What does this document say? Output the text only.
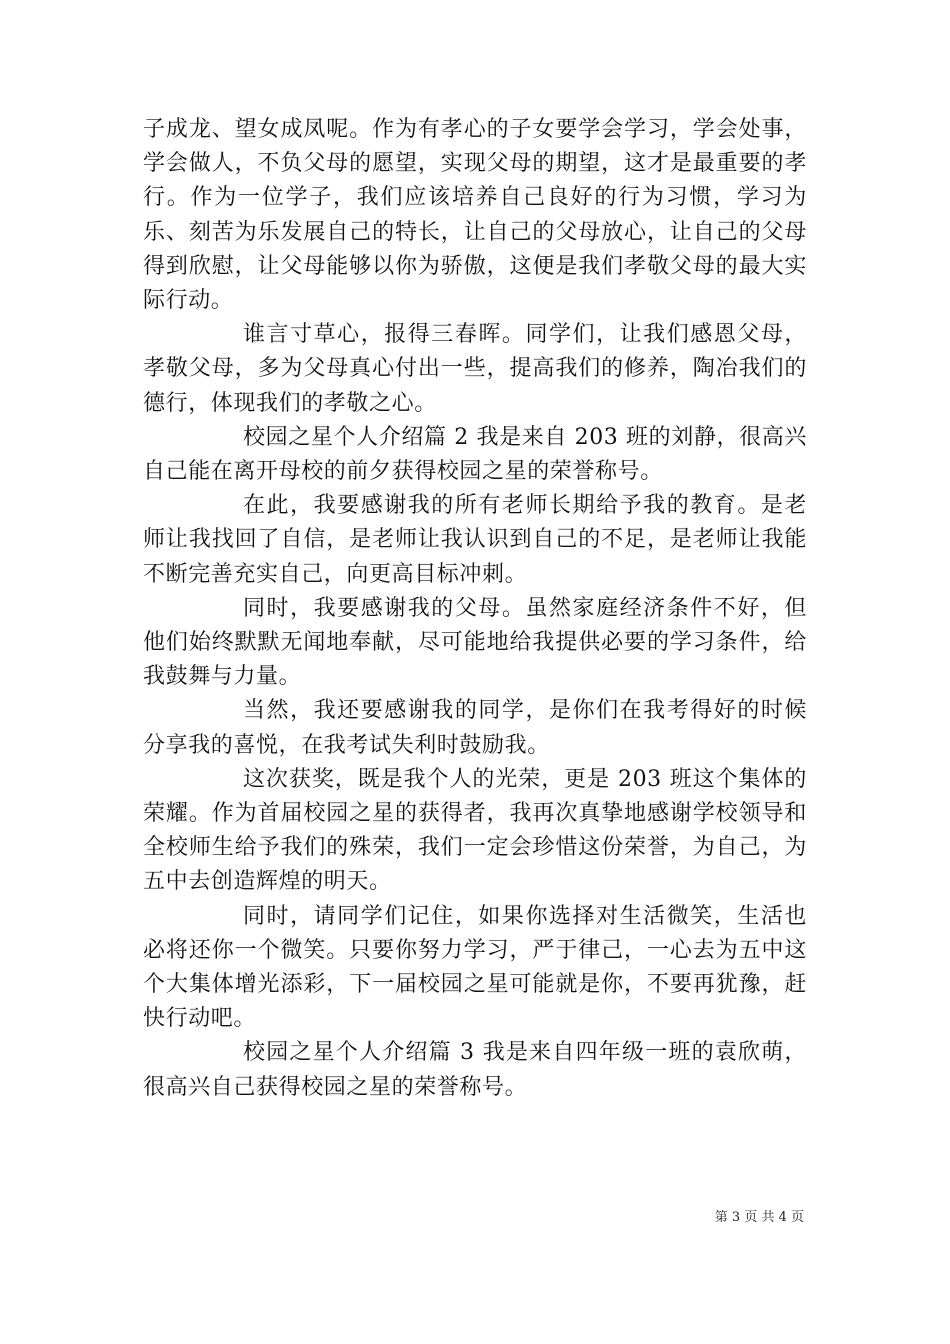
子成龙、望女成凤呢。作为有孝心的子女要学会学习，学会处事，学会做人，不负父母的愿望，实现父母的期望，这才是最重要的孝行。作为一位学子，我们应该培养自己良好的行为习惯，学习为乐、刻苦为乐发展自己的特长，让自己的父母放心，让自己的父母得到欣慰，让父母能够以你为骄傲，这便是我们孝敬父母的最大实际行动。

谁言寸草心，报得三春晖。同学们，让我们感恩父母，孝敬父母，多为父母真心付出一些，提高我们的修养，陶冶我们的德行，体现我们的孝敬之心。

校园之星个人介绍篇 2 我是来自 203 班的刘静，很高兴自己能在离开母校的前夕获得校园之星的荣誉称号。

在此，我要感谢我的所有老师长期给予我的教育。是老师让我找回了自信，是老师让我认识到自己的不足，是老师让我能不断完善充实自己，向更高目标冲刺。

同时，我要感谢我的父母。虽然家庭经济条件不好，但他们始终默默无闻地奉献，尽可能地给我提供必要的学习条件，给我鼓舞与力量。

当然，我还要感谢我的同学，是你们在我考得好的时候分享我的喜悦，在我考试失利时鼓励我。

这次获奖，既是我个人的光荣，更是 203 班这个集体的荣耀。作为首届校园之星的获得者，我再次真挚地感谢学校领导和全校师生给予我们的殊荣，我们一定会珍惜这份荣誉，为自己，为五中去创造辉煌的明天。

同时，请同学们记住，如果你选择对生活微笑，生活也必将还你一个微笑。只要你努力学习，严于律己，一心去为五中这个大集体增光添彩，下一届校园之星可能就是你，不要再犹豫，赶快行动吧。

校园之星个人介绍篇 3 我是来自四年级一班的袁欣萌，很高兴自己获得校园之星的荣誉称号。

第 3 页 共 4 页
